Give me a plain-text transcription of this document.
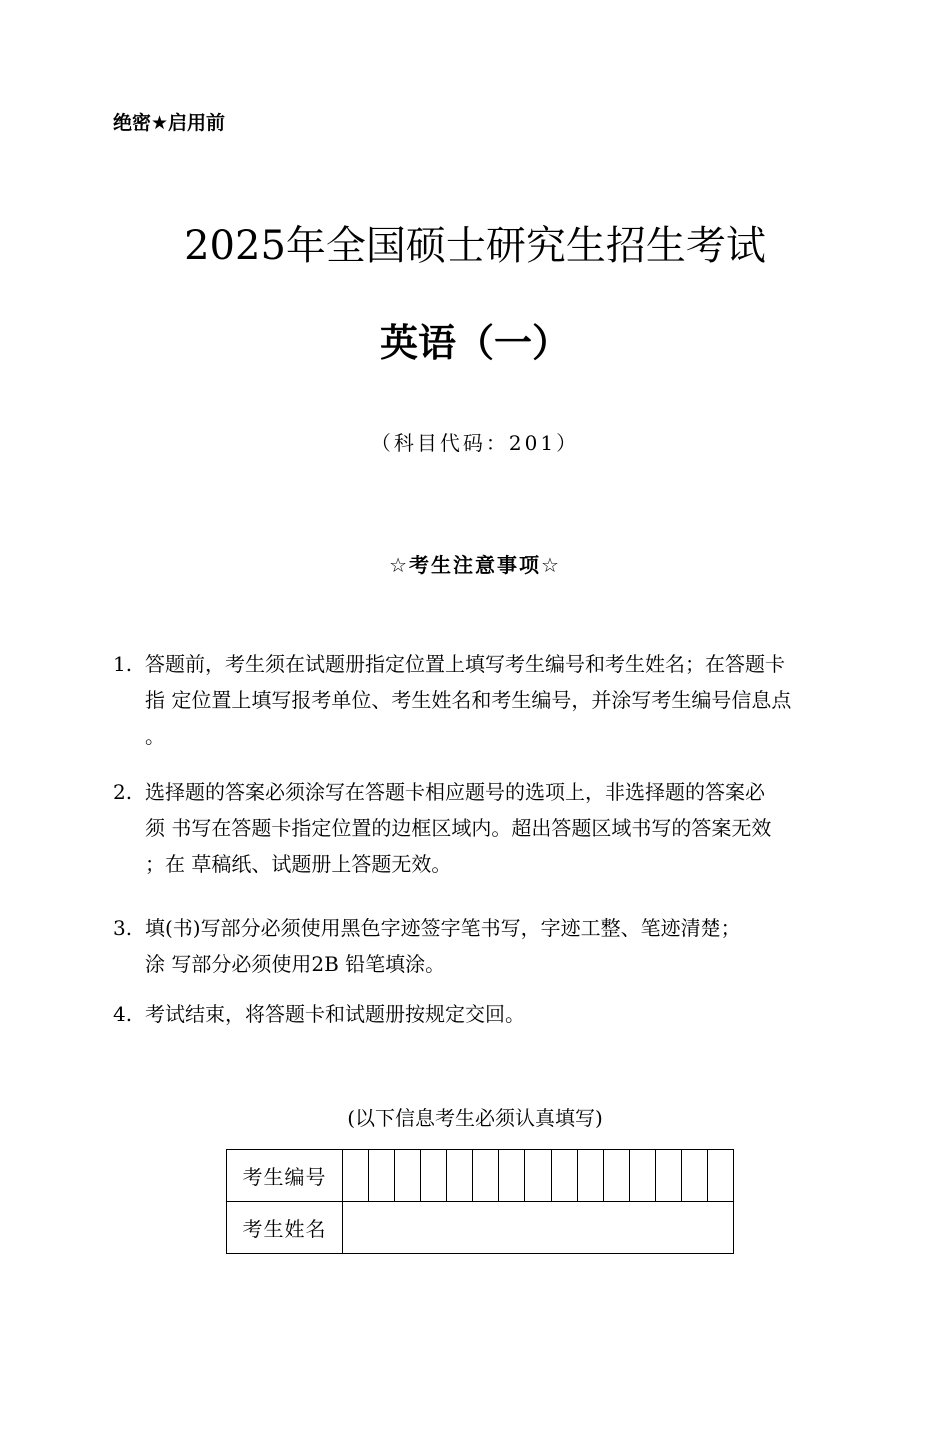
绝密★启用前
2025年全国硕士研究生招生考试
英语（一）
（科目代码：201）
☆考生注意事项☆
1. 答题前，考生须在试题册指定位置上填写考生编号和考生姓名；在答题卡
指 定位置上填写报考单位、考生姓名和考生编号，并涂写考生编号信息点
。
2. 选择题的答案必须涂写在答题卡相应题号的选项上，非选择题的答案必
须 书写在答题卡指定位置的边框区域内。超出答题区域书写的答案无效
；在 草稿纸、试题册上答题无效。
3. 填(书)写部分必须使用黑色字迹签字笔书写，字迹工整、笔迹清楚；
涂 写部分必须使用2B 铅笔填涂。
4. 考试结束，将答题卡和试题册按规定交回。
(以下信息考生必须认真填写)
考生编号															
考生姓名															
